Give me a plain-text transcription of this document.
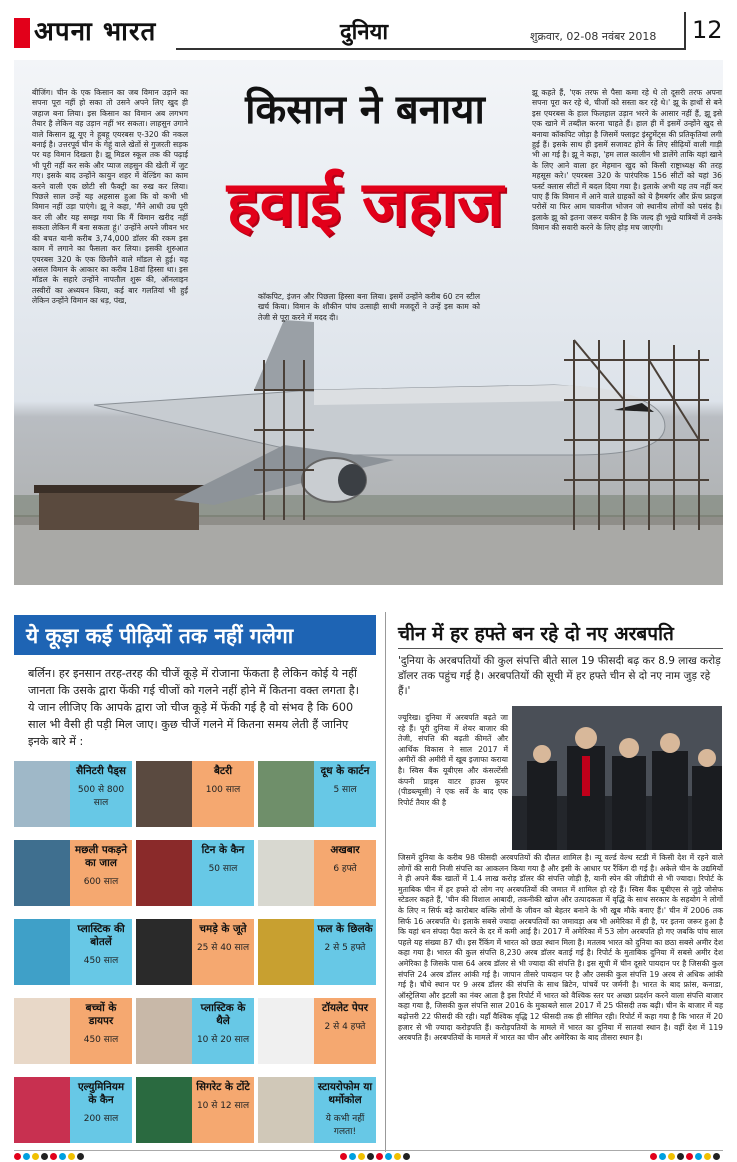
अपना भारत	दुनिया	शुक्रवार, 02-08 नवंबर 2018 12
बीजिंग। चीन के एक किसान का जब विमान उड़ाने का सपना पूरा नहीं हो सका तो उसने अपने लिए खुद ही जहाज बना लिया। इस किसान का विमान अब लगभग तैयार है लेकिन वह उड़ान नहीं भर सकता। लाहसुन उगाने वाले किसान झू यूए ने हूबहू एयरबस ए-320 की नकल बनाई है। उत्तरपूर्व चीन के गेहूं वाले खेतों से गुजरती सड़क पर यह विमान दिखता है। झू मिडल स्कूल तक की पढ़ाई भी पूरी नहीं कर सके और प्याज लहसुन की खेती में जुट गए। इसके बाद उन्होंने कायुन शहर में वेल्डिंग का काम करने वाली एक छोटी सी फैक्ट्री का रुख कर लिया। पिछले साल उन्हें यह अहसास हुआ कि वो कभी भी विमान नहीं उड़ा पाएंगे। झू ने कहा, 'मैंने आधी उम्र पूरी कर ली और यह समझ गया कि मैं विमान खरीद नहीं सकता लेकिन मैं बना सकता हूं।' उन्होंने अपने जीवन भर की बचत यानी करीब 3,74,000 डॉलर की रकम इस काम में लगाने का फैसला कर लिया। इसकी शुरुआत एयरबस 320 के एक छिलौने वाले मॉडल से हुई। यह असल विमान के आकार का करीब 18वां हिस्सा था। इस मॉडल के सहारे उन्होंने नापतौल शुरू की, ऑनलाइन तस्वीरों का अध्ययन किया, कई बार गलतियां भी हुईं लेकिन उन्होंने विमान का धड़, पंख,	कॉकपिट, इंजन और पिछला हिस्सा बना लिया। इसमें उन्होंने करीब 60 टन स्टील खर्च किया। विमान के शौकीन पांच उत्साही साथी मजदूरों ने उन्हें इस काम को तेजी से पूरा करने में मदद दी।
झू कहते हैं, 'एक तरफ से पैसा कमा रहे थे तो दूसरी तरफ अपना सपना पूरा कर रहे थे, चीजों को सस्ता कर रहे थे।' झू के हाथों से बने इस एयरबस के हाल फिलहाल उड़ान भरने के आसार नहीं हैं, झू इसे एक खाने में तब्दील करना चाहते हैं। हाल ही में इसमें उन्होंने खुद से बनाया कॉकपिट जोड़ा है जिसमें फ्लाइट इंस्ट्रूमेंट्स की प्रतिकृतियां लगी हुई हैं। इसके साथ ही इसमें सजावट होने के लिए सीढ़ियों वाली गाड़ी भी आ गई है। झू ने कहा, 'हम लाल कालीन भी डालेंगे ताकि यहां खाने के लिए आने वाला हर मेहमान खुद को किसी राष्ट्राध्यक्ष की तरह महसूस करे।' एयरबस 320 के पारंपरिक 156 सीटों को यहां 36 फर्स्ट क्लास सीटों में बदल दिया गया है। इलाके अभी यह तय नहीं कर पाए हैं कि विमान में आने वाले ग्राहकों को ये हैमबर्गर और फ्रेंच फ्राइज परोसें या फिर आम चावनीज भोजन जो स्थानीय लोगों को पसंद है। इलाके झू को इतना जरूर यकीन है कि जल्द ही भूखे यात्रियों में उनके विमान की सवारी करने के लिए होड़ मच जाएगी।
किसान ने बनाया
हवाई जहाज
ये कूड़ा कई पीढ़ियों तक नहीं गलेगा
बर्लिन। हर इनसान तरह-तरह की चीजें कूड़े में रोजाना फेंकता है लेकिन कोई ये नहीं जानता कि उसके द्वारा फेंकी गई चीजों को गलने नहीं होने में कितना वक्त लगता है। ये जान लीजिए कि आपके द्वारा जो चीज कूड़े में फेंकी गई है वो संभव है कि 600 साल भी वैसी ही पड़ी मिल जाए। कुछ चीजें गलने में कितना समय लेती हैं जानिए इनके बारे में :
सैनिटरी पैड्स
500 से 800 साल
बैटरी
100 साल
दूध के कार्टन
5 साल
मछली पकड़ने का जाल
600 साल
टिन के कैन
50 साल
अखबार
6 हफ्ते
प्लास्टिक की बोतलें
450 साल
चमड़े के जूते
25 से 40 साल
फल के छिलके
2 से 5 हफ्ते
बच्चों के डायपर
450 साल
प्लास्टिक के थैले
10 से 20 साल
टॉयलेट पेपर
2 से 4 हफ्ते
एल्युमिनियम के कैन
200 साल
सिगरेट के टोंटे
10 से 12 साल
स्टायरोफोम या थर्मोकोल
ये कभी नहीं गलता!
चीन में हर हफ्ते बन रहे दो नए अरबपति
'दुनिया के अरबपतियों की कुल संपत्ति बीते साल 19 फीसदी बढ़ कर 8.9 लाख करोड़ डॉलर तक पहुंच गई है। अरबपतियों की सूची में हर हफ्ते चीन से दो नए नाम जुड़ रहे हैं।'
ज्यूरिख। दुनिया में अरबपति बढ़ते जा रहे हैं। पूरी दुनिया में शेयर बाजार की तेजी, संपत्ति की बढ़ती कीमतें और आर्थिक विकास ने साल 2017 में अमीरों की अमीरी में खूब इजाफा कराया है। स्विस बैंक यूबीएस और कंसल्टेंसी कंपनी प्राइस वाटर हाउस कूपर (पीडब्ल्यूसी) ने एक सर्वे के बाद एक रिपोर्ट तैयार की है
जिसमें दुनिया के करीब 98 फीसदी अरबपतियों की दौलत शामिल है। न्यू वर्ल्ड वेल्थ स्टडी में किसी देश में रहने वाले लोगों की सारी निजी संपत्ति का आकलन किया गया है और इसी के आधार पर रैंकिंग दी गई है। अकेले चीन के उद्यमियों ने ही अपने बैंक खातों में 1.4 लाख करोड़ डॉलर की संपत्ति जोड़ी है, यानी स्पेन की जीडीपी से भी ज्यादा। रिपोर्ट के मुताबिक चीन में हर हफ्ते दो लोग नए अरबपतियों की जमात में शामिल हो रहे हैं। स्विस बैंक यूबीएस से जुड़े जोसेफ स्टेडलर कहते हैं, 'चीन की विशाल आबादी, तकनीकी खोज और उत्पादकता में वृद्धि के साथ सरकार के सहयोग ने लोगों के लिए न सिर्फ बड़े कारोबार बल्कि लोगों के जीवन को बेहतर बनाने के भी खूब मौके बनाए हैं।' चीन में 2006 तक सिर्फ 16 अरबपति थे। इलाके सबसे ज्यादा अरबपतियों का जमावड़ा अब भी अमेरिका में ही है, पर इतना जरूर हुआ है कि यहां धन संपदा पैदा करने के दर में कमी आई है। 2017 में अमेरिका में 53 लोग अरबपति हो गए जबकि पांच साल पहले यह संख्या 87 थी। इस रैंकिंग में भारत को छठा स्थान मिला है। मतलब भारत को दुनिया का छठा सबसे अमीर देश कहा गया है। भारत की कुल संपत्ति 8,230 अरब डॉलर बताई गई है। रिपोर्ट के मुताबिक दुनिया में सबसे अमीर देश अमेरिका है जिसके पास 64 अरब डॉलर से भी ज्यादा की संपत्ति है। इस सूची में चीन दूसरे पायदान पर है जिसकी कुल संपत्ति 24 अरब डॉलर आंकी गई है। जापान तीसरे पायदान पर है और उसकी कुल संपत्ति 19 अरब से अधिक आंकी गई है। चौथे स्थान पर 9 अरब डॉलर की संपत्ति के साथ ब्रिटेन, पांचवें पर जर्मनी है। भारत के बाद फ्रांस, कनाडा, ऑस्ट्रेलिया और इटली का नंबर आता है इस रिपोर्ट में भारत को वैश्विक स्तर पर अच्छा प्रदर्शन करने वाला संपत्ति बाजार कहा गया है, जिसकी कुल संपत्ति साल 2016 के मुकाबले साल 2017 में 25 फीसदी तक बढ़ी। चीन के बाजार में यह बढ़ोत्तरी 22 फीसदी की रही। यहाँ वैश्विक वृद्धि 12 फीसदी तक ही सीमित रही। रिपोर्ट में कहा गया है कि भारत में 20 हजार से भी ज्यादा करोड़पति हैं। करोड़पतियों के मामले में भारत का दुनिया में सातवां स्थान है। वहीं देश में 119 अरबपति हैं। अरबपतियों के मामले में भारत का चीन और अमेरिका के बाद तीसरा स्थान है।
